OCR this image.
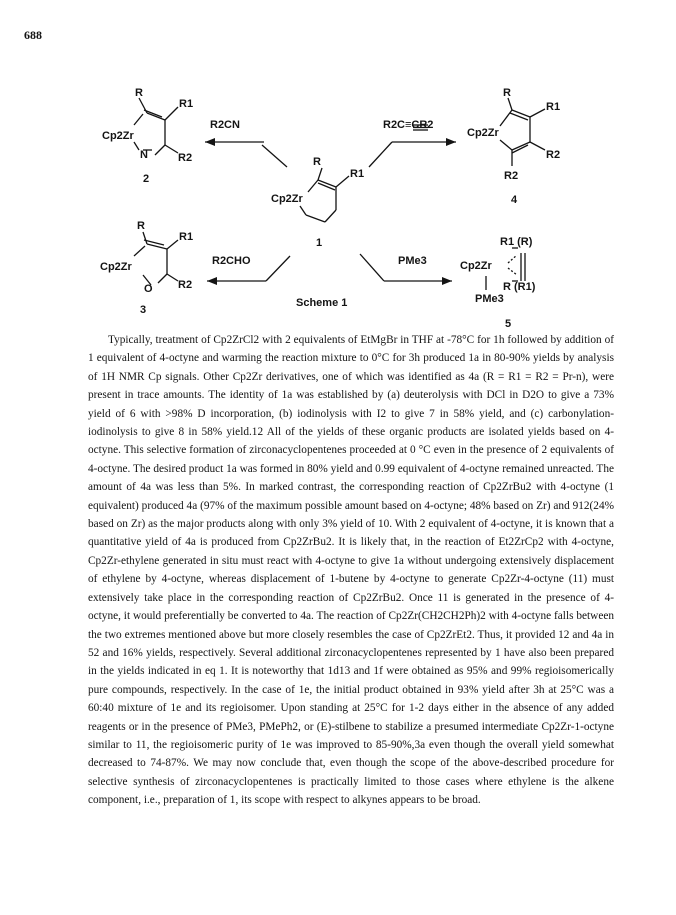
688
R
R1
Cp2Zr
N	R2
2
R
R1
Cp2Zr
1
R
R1
Cp2Zr
R2
R2
4
R
R1
Cp2Zr
O R2
3
R1 (R)
Cp2Zr
R (R1)
PMe3
5
R2CN	R2C≡CR2
R2CHO	PMe3
Scheme 1

Typically, treatment of Cp2ZrCl2 with 2 equivalents of EtMgBr in THF at -78°C for 1h followed by addition of 1 equivalent of 4-octyne and warming the reaction mixture to 0°C for 3h produced 1a in 80-90% yields by analysis of 1H NMR Cp signals. Other Cp2Zr derivatives, one of which was identified as 4a (R = R1 = R2 = Pr-n), were present in trace amounts. The identity of 1a was established by (a) deuterolysis with DCl in D2O to give a 73% yield of 6 with >98% D incorporation, (b) iodinolysis with I2 to give 7 in 58% yield, and (c) carbonylation-iodinolysis to give 8 in 58% yield.12 All of the yields of these organic products are isolated yields based on 4-octyne. This selective formation of zirconacyclopentenes proceeded at 0 °C even in the presence of 2 equivalents of 4-octyne. The desired product 1a was formed in 80% yield and 0.99 equivalent of 4-octyne remained unreacted. The amount of 4a was less than 5%. In marked contrast, the corresponding reaction of Cp2ZrBu2 with 4-octyne (1 equivalent) produced 4a (97% of the maximum possible amount based on 4-octyne; 48% based on Zr) and 912(24% based on Zr) as the major products along with only 3% yield of 10. With 2 equivalent of 4-octyne, it is known that a quantitative yield of 4a is produced from Cp2ZrBu2. It is likely that, in the reaction of Et2ZrCp2 with 4-octyne, Cp2Zr-ethylene generated in situ must react with 4-octyne to give 1a without undergoing extensively displacement of ethylene by 4-octyne, whereas displacement of 1-butene by 4-octyne to generate Cp2Zr-4-octyne (11) must extensively take place in the corresponding reaction of Cp2ZrBu2. Once 11 is generated in the presence of 4-octyne, it would preferentially be converted to 4a. The reaction of Cp2Zr(CH2CH2Ph)2 with 4-octyne falls between the two extremes mentioned above but more closely resembles the case of Cp2ZrEt2. Thus, it provided 12 and 4a in 52 and 16% yields, respectively. Several additional zirconacyclopentenes represented by 1 have also been prepared in the yields indicated in eq 1. It is noteworthy that 1d13 and 1f were obtained as 95% and 99% regioisomerically pure compounds, respectively. In the case of 1e, the initial product obtained in 93% yield after 3h at 25°C was a 60:40 mixture of 1e and its regioisomer. Upon standing at 25°C for 1-2 days either in the absence of any added reagents or in the presence of PMe3, PMePh2, or (E)-stilbene to stabilize a presumed intermediate Cp2Zr-1-octyne similar to 11, the regioisomeric purity of 1e was improved to 85-90%,3a even though the overall yield somewhat decreased to 74-87%. We may now conclude that, even though the scope of the above-described procedure for selective synthesis of zirconacyclopentenes is practically limited to those cases where ethylene is the alkene component, i.e., preparation of 1, its scope with respect to alkynes appears to be broad.
